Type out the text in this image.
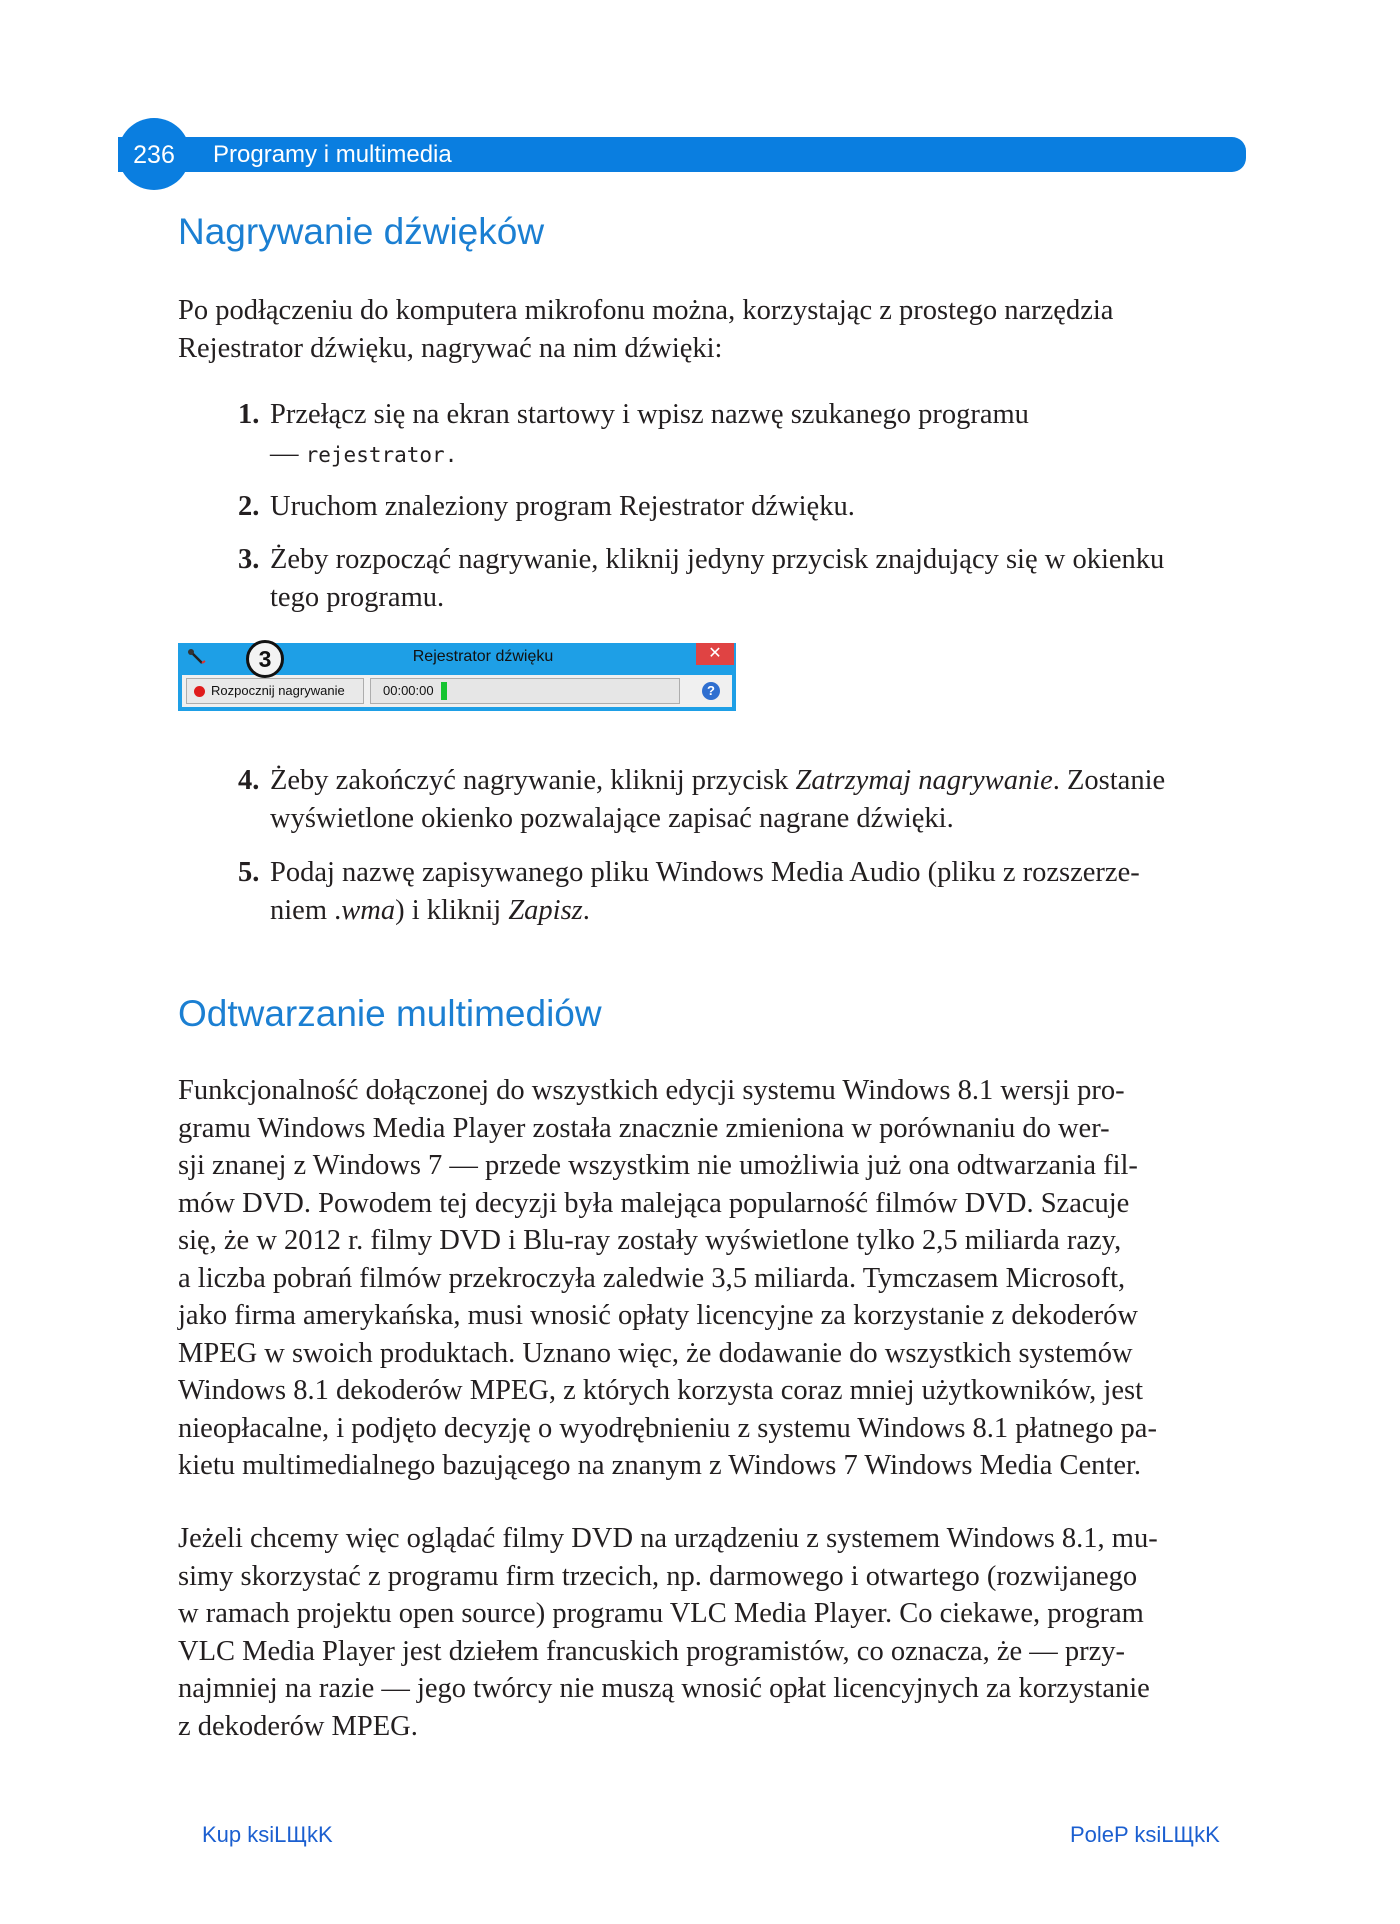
236 Programy i multimedia
Nagrywanie dźwięków

Po podłączeniu do komputera mikrofonu można, korzystając z prostego narzędzia
Rejestrator dźwięku, nagrywać na nim dźwięki:

1. Przełącz się na ekran startowy i wpisz nazwę szukanego programu
— rejestrator.
2. Uruchom znaleziony program Rejestrator dźwięku.
3. Żeby rozpocząć nagrywanie, kliknij jedyny przycisk znajdujący się w okienku
tego programu.
4. Żeby zakończyć nagrywanie, kliknij przycisk Zatrzymaj nagrywanie. Zostanie
wyświetlone okienko pozwalające zapisać nagrane dźwięki.
5. Podaj nazwę zapisywanego pliku Windows Media Audio (pliku z rozszerze-
niem .wma) i kliknij Zapisz.
Rejestrator dźwięku	✕
Rozpocznij nagrywanie	00:00:00	?
3
Odtwarzanie multimediów

Funkcjonalność dołączonej do wszystkich edycji systemu Windows 8.1 wersji pro-
gramu Windows Media Player została znacznie zmieniona w porównaniu do wer-
sji znanej z Windows 7 — przede wszystkim nie umożliwia już ona odtwarzania fil-
mów DVD. Powodem tej decyzji była malejąca popularność filmów DVD. Szacuje
się, że w 2012 r. filmy DVD i Blu-ray zostały wyświetlone tylko 2,5 miliarda razy,
a liczba pobrań filmów przekroczyła zaledwie 3,5 miliarda. Tymczasem Microsoft,
jako firma amerykańska, musi wnosić opłaty licencyjne za korzystanie z dekoderów
MPEG w swoich produktach. Uznano więc, że dodawanie do wszystkich systemów
Windows 8.1 dekoderów MPEG, z których korzysta coraz mniej użytkowników, jest
nieopłacalne, i podjęto decyzję o wyodrębnieniu z systemu Windows 8.1 płatnego pa-
kietu multimedialnego bazującego na znanym z Windows 7 Windows Media Center.

Jeżeli chcemy więc oglądać filmy DVD na urządzeniu z systemem Windows 8.1, mu-
simy skorzystać z programu firm trzecich, np. darmowego i otwartego (rozwijanego
w ramach projektu open source) programu VLC Media Player. Co ciekawe, program
VLC Media Player jest dziełem francuskich programistów, co oznacza, że — przy-
najmniej na razie — jego twórcy nie muszą wnosić opłat licencyjnych za korzystanie
z dekoderów MPEG.

Kup ksiLЩkK	PoleP ksiLЩkK
